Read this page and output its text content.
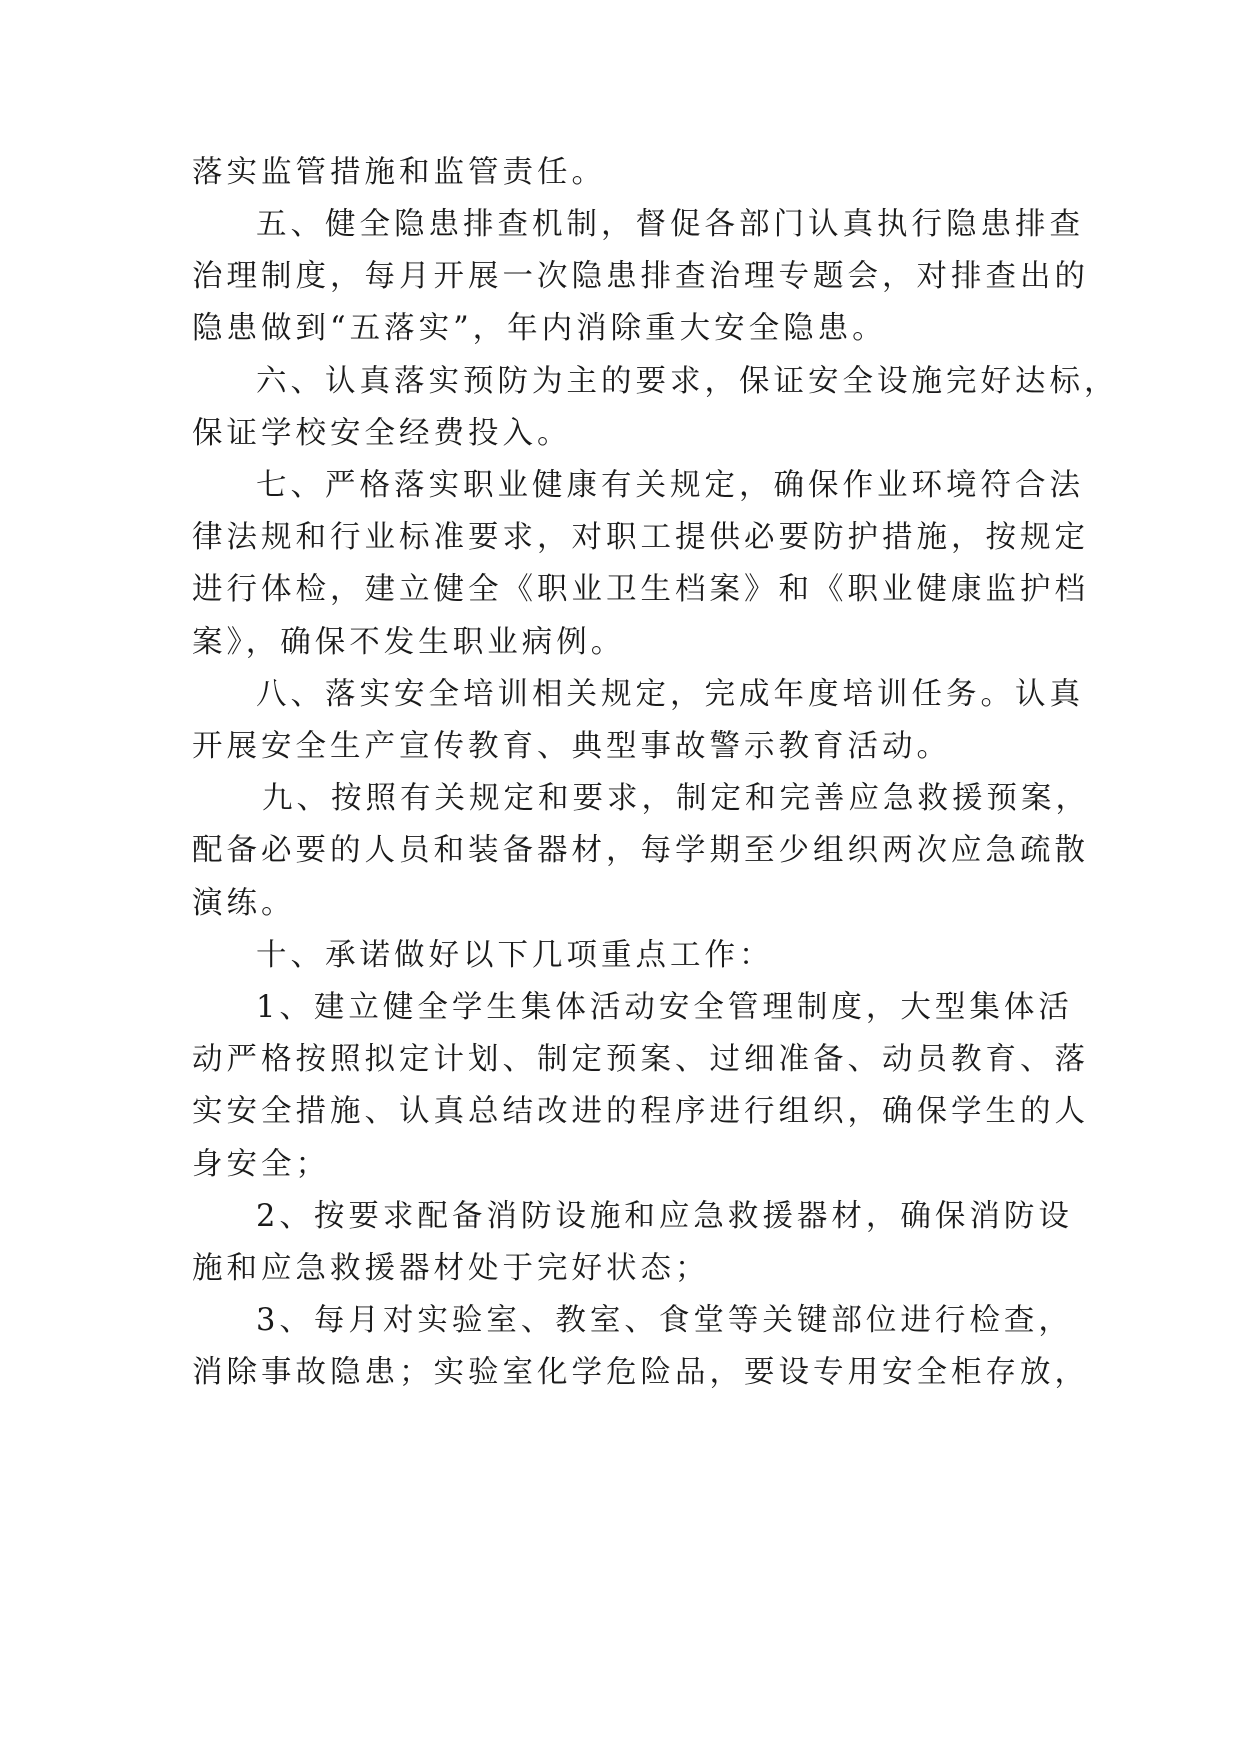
落实监管措施和监管责任。
五、健全隐患排查机制，督促各部门认真执行隐患排查
治理制度，每月开展一次隐患排查治理专题会，对排查出的
隐患做到“五落实”，年内消除重大安全隐患。
六、认真落实预防为主的要求，保证安全设施完好达标，
保证学校安全经费投入。
七、严格落实职业健康有关规定，确保作业环境符合法
律法规和行业标准要求，对职工提供必要防护措施，按规定
进行体检，建立健全《职业卫生档案》和《职业健康监护档
案》，确保不发生职业病例。
八、落实安全培训相关规定，完成年度培训任务。认真
开展安全生产宣传教育、典型事故警示教育活动。
九、按照有关规定和要求，制定和完善应急救援预案，
配备必要的人员和装备器材，每学期至少组织两次应急疏散
演练。
十、承诺做好以下几项重点工作：
1、建立健全学生集体活动安全管理制度，大型集体活
动严格按照拟定计划、制定预案、过细准备、动员教育、落
实安全措施、认真总结改进的程序进行组织，确保学生的人
身安全；
2、按要求配备消防设施和应急救援器材，确保消防设
施和应急救援器材处于完好状态；
3、每月对实验室、教室、食堂等关键部位进行检查，
消除事故隐患；实验室化学危险品，要设专用安全柜存放，
